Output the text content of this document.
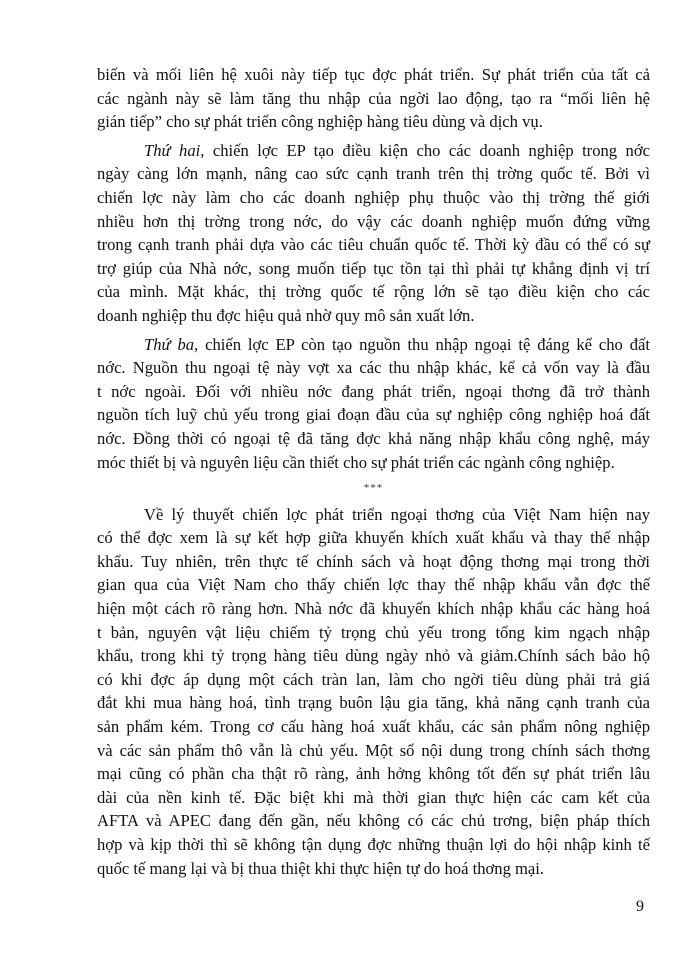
biến và mối liên hệ xuôi này tiếp tục đợc phát triển. Sự phát triển của tất cả
các ngành này sẽ làm tăng thu nhập của ngời lao động, tạo ra “mối liên hệ
gián tiếp” cho sự phát triển công nghiệp hàng tiêu dùng và dịch vụ.
Thứ hai, chiến lợc EP tạo điều kiện cho các doanh nghiệp trong nớc
ngày càng lớn mạnh, nâng cao sức cạnh tranh trên thị trờng quốc tế. Bởi vì
chiến lợc này làm cho các doanh nghiệp phụ thuộc vào thị trờng thế giới
nhiều hơn thị trờng trong nớc, do vậy các doanh nghiệp muốn đứng vững
trong cạnh tranh phải dựa vào các tiêu chuẩn quốc tế. Thời kỳ đầu có thể có sự
trợ giúp của Nhà nớc, song muốn tiếp tục tồn tại thì phải tự khẳng định vị trí
của mình. Mặt khác, thị trờng quốc tế rộng lớn sẽ tạo điều kiện cho các
doanh nghiệp thu đợc hiệu quả nhờ quy mô sản xuất lớn.
Thứ ba, chiến lợc EP còn tạo nguồn thu nhập ngoại tệ đáng kể cho đất
nớc. Nguồn thu ngoại tệ này vợt xa các thu nhập khác, kể cả vốn vay là đầu
t nớc ngoài. Đối với nhiều nớc đang phát triển, ngoại thơng đã trở thành
nguồn tích luỹ chủ yếu trong giai đoạn đầu của sự nghiệp công nghiệp hoá đất
nớc. Đồng thời có ngoại tệ đã tăng đợc khả năng nhập khẩu công nghệ, máy
móc thiết bị và nguyên liệu cần thiết cho sự phát triển các ngành công nghiệp.
***
Về lý thuyết chiến lợc phát triển ngoại thơng của Việt Nam hiện nay
có thể đợc xem là sự kết hợp giữa khuyến khích xuất khẩu và thay thế nhập
khẩu. Tuy nhiên, trên thực tế chính sách và hoạt động thơng mại trong thời
gian qua của Việt Nam cho thấy chiến lợc thay thế nhập khẩu vẫn đợc thể
hiện một cách rõ ràng hơn. Nhà nớc đã khuyến khích nhập khẩu các hàng hoá
t bản, nguyên vật liệu chiếm tỷ trọng chủ yếu trong tổng kim ngạch nhập
khẩu, trong khi tỷ trọng hàng tiêu dùng ngày nhỏ và giảm.Chính sách bảo hộ
có khi đợc áp dụng một cách tràn lan, làm cho ngời tiêu dùng phải trả giá
đắt khi mua hàng hoá, tình trạng buôn lậu gia tăng, khả năng cạnh tranh của
sản phẩm kém. Trong cơ cấu hàng hoá xuất khẩu, các sản phẩm nông nghiệp
và các sản phẩm thô vẫn là chủ yếu. Một số nội dung trong chính sách thơng
mại cũng có phần cha thật rõ ràng, ảnh hởng không tốt đến sự phát triển lâu
dài của nền kinh tế. Đặc biệt khi mà thời gian thực hiện các cam kết của
AFTA và APEC đang đến gần, nếu không có các chủ trơng, biện pháp thích
hợp và kịp thời thì sẽ không tận dụng đợc những thuận lợi do hội nhập kinh tế
quốc tế mang lại và bị thua thiệt khi thực hiện tự do hoá thơng mại.
9
